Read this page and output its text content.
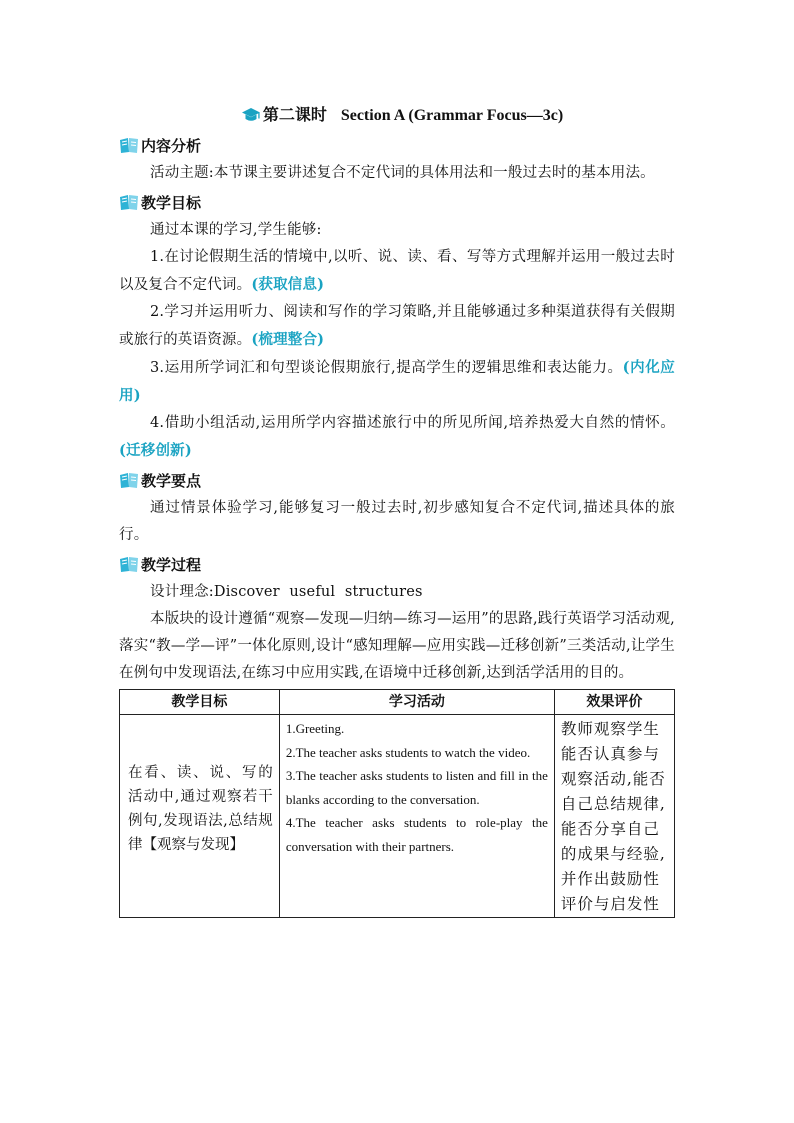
第二课时 Section A (Grammar Focus—3c)
内容分析

活动主题:本节课主要讲述复合不定代词的具体用法和一般过去时的基本用法。

教学目标

通过本课的学习,学生能够:

1.在讨论假期生活的情境中,以听、说、读、看、写等方式理解并运用一般过去时以及复合不定代词。(获取信息)

2.学习并运用听力、阅读和写作的学习策略,并且能够通过多种渠道获得有关假期或旅行的英语资源。(梳理整合)

3.运用所学词汇和句型谈论假期旅行,提高学生的逻辑思维和表达能力。(内化应用)

4.借助小组活动,运用所学内容描述旅行中的所见所闻,培养热爱大自然的情怀。(迁移创新)

教学要点

通过情景体验学习,能够复习一般过去时,初步感知复合不定代词,描述具体的旅行。

教学过程

设计理念:Discover  useful  structures

本版块的设计遵循“观察—发现—归纳—练习—运用”的思路,践行英语学习活动观,落实“教—学—评”一体化原则,设计“感知理解—应用实践—迁移创新”三类活动,让学生在例句中发现语法,在练习中应用实践,在语境中迁移创新,达到活学活用的目的。

教学目标	学习活动	效果评价
在看、读、说、写的活动中,通过观察若干例句,发现语法,总结规律【观察与发现】	1.Greeting.
2.The teacher asks students to watch the video.
3.The teacher asks students to listen and fill in the blanks according to the conversation.
4.The teacher asks students to role-play the conversation with their partners.	教师观察学生能否认真参与观察活动,能否自己总结规律,能否分享自己的成果与经验,并作出鼓励性评价与启发性
